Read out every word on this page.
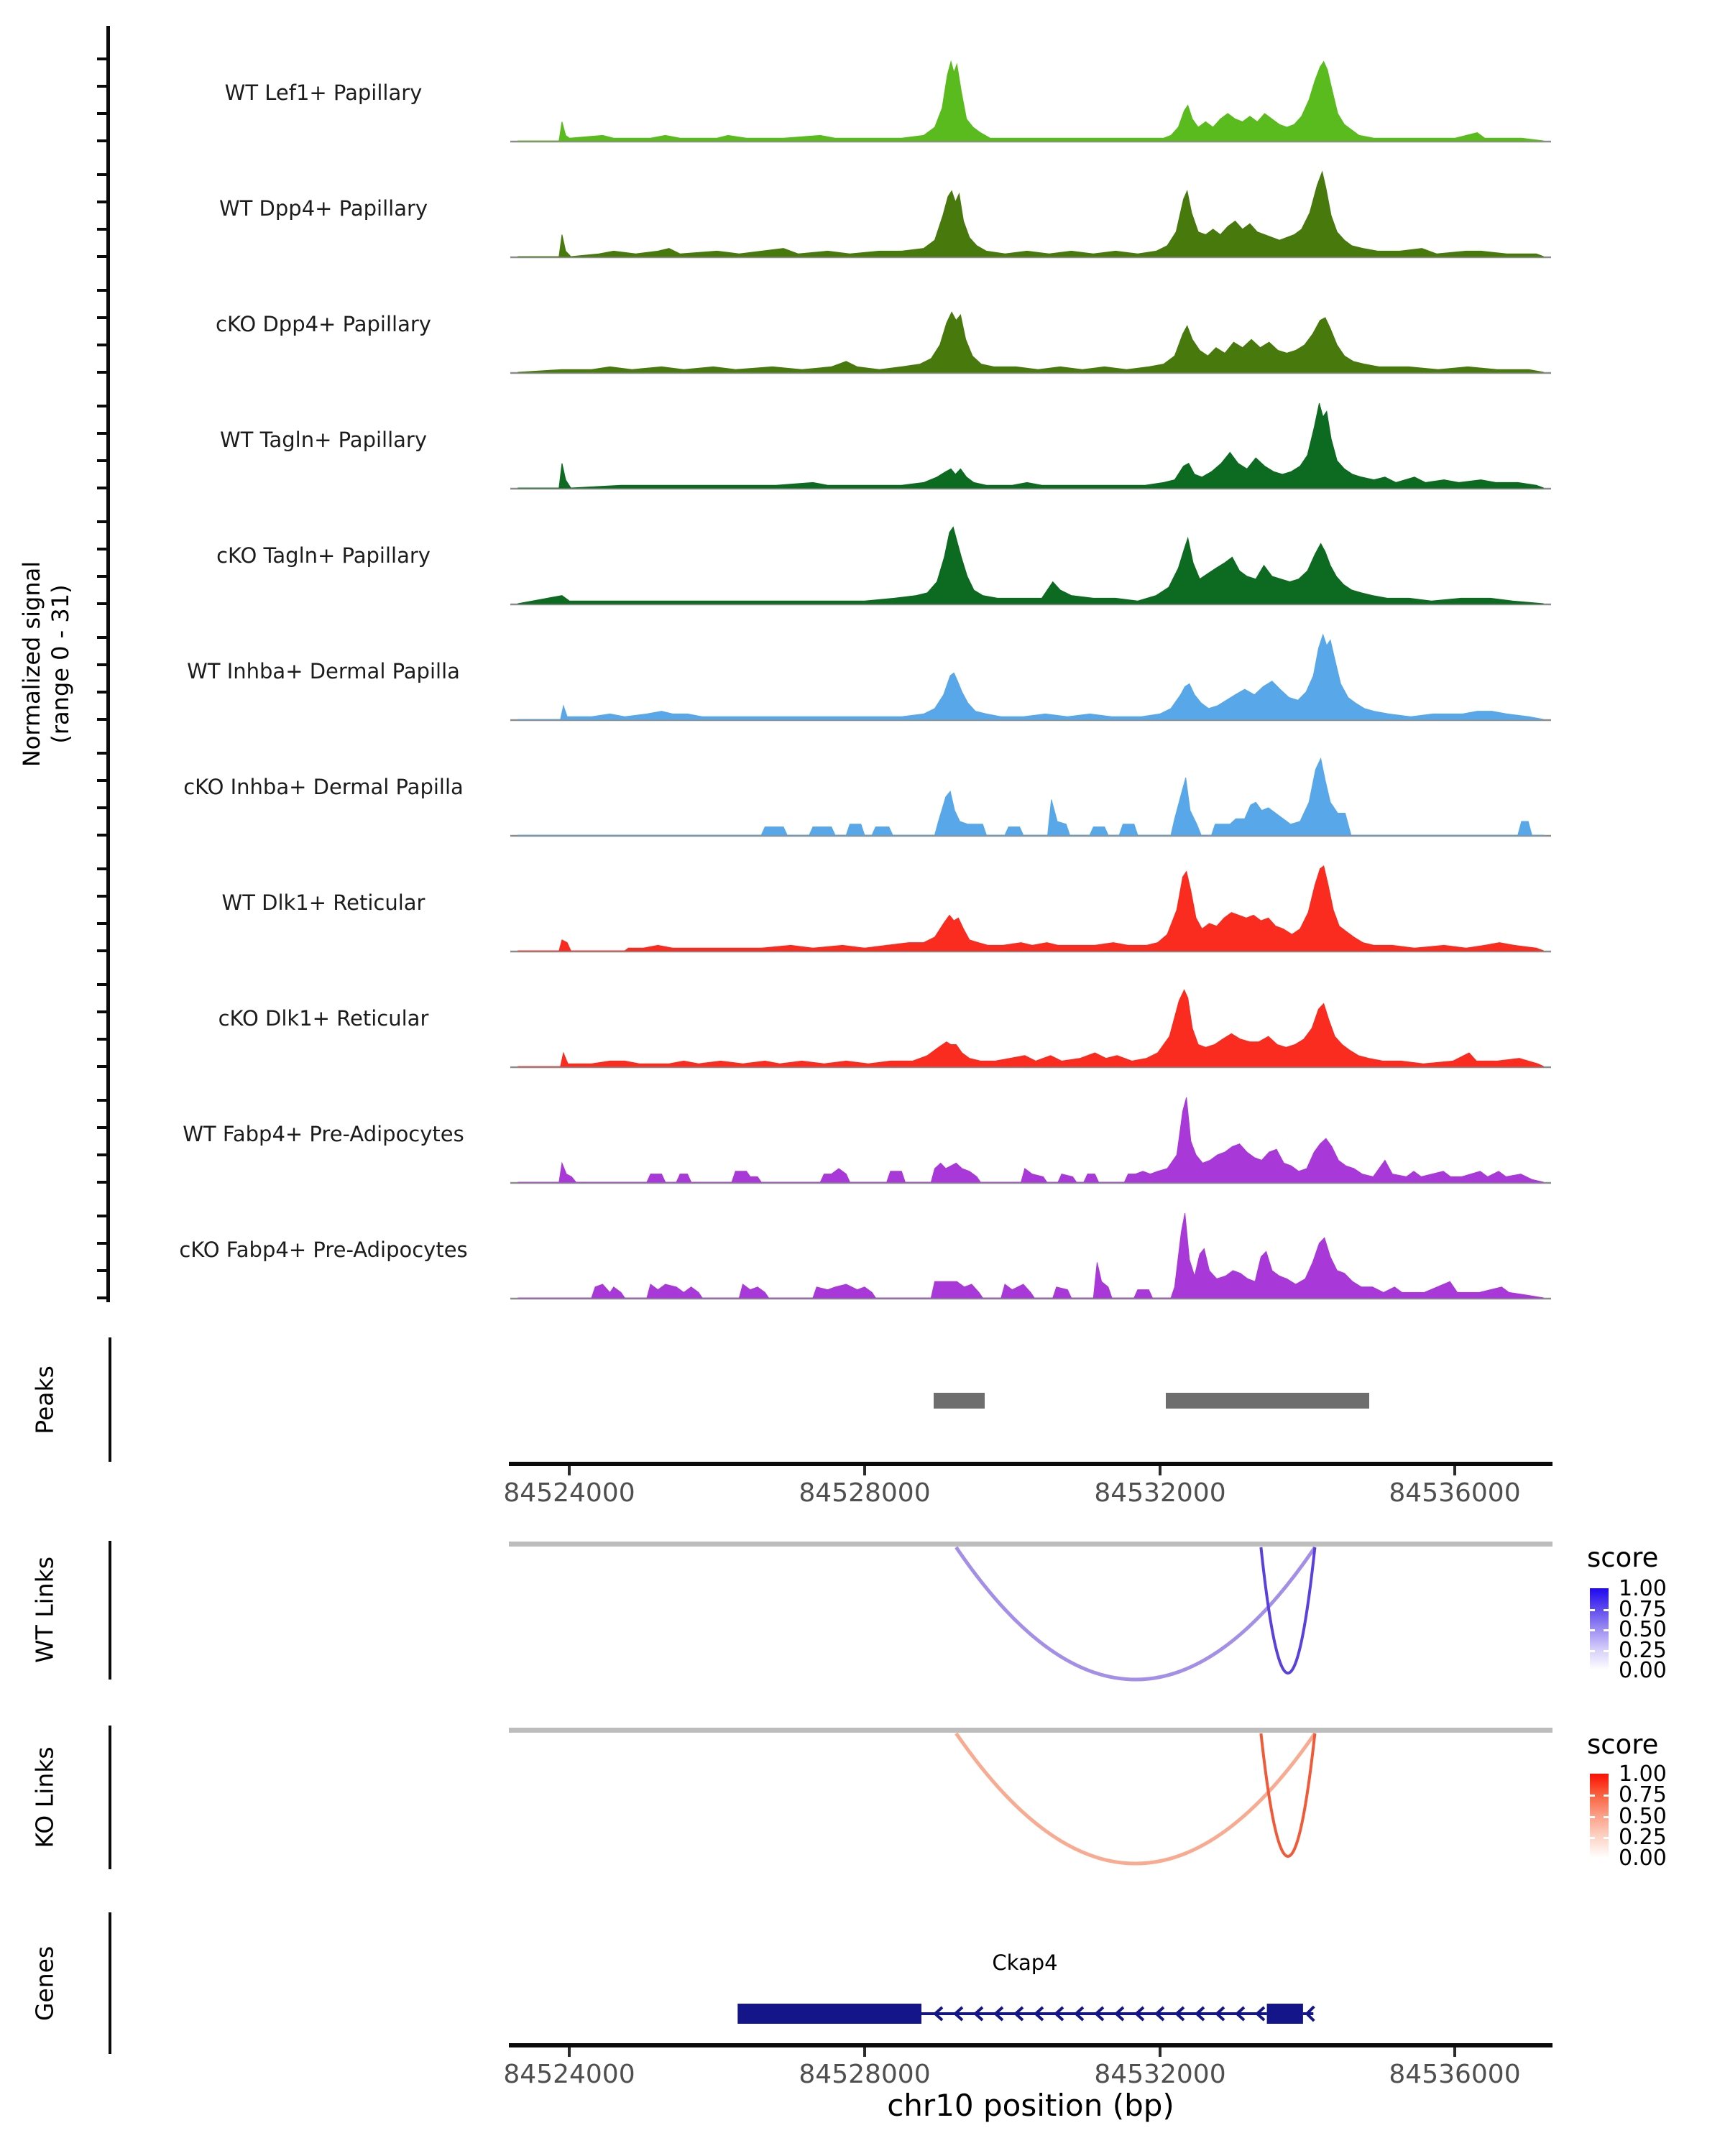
Normalized signal (range 0 - 31)
Peaks
WT Links
KO Links
Genes
score
score
Ckap4
WT Lef1+ Papillary
WT Dpp4+ Papillary
cKO Dpp4+ Papillary
WT Tagln+ Papillary
cKO Tagln+ Papillary
WT Inhba+ Dermal Papilla
cKO Inhba+ Dermal Papilla
WT Dlk1+ Reticular
cKO Dlk1+ Reticular
WT Fabp4+ Pre-Adipocytes
cKO Fabp4+ Pre-Adipocytes
84524000	84528000	84532000	84536000
84524000	84528000	84532000	84536000
chr10 position (bp)
1.00
0.75
0.50
0.25
0.00
1.00
0.75
0.50
0.25
0.00
